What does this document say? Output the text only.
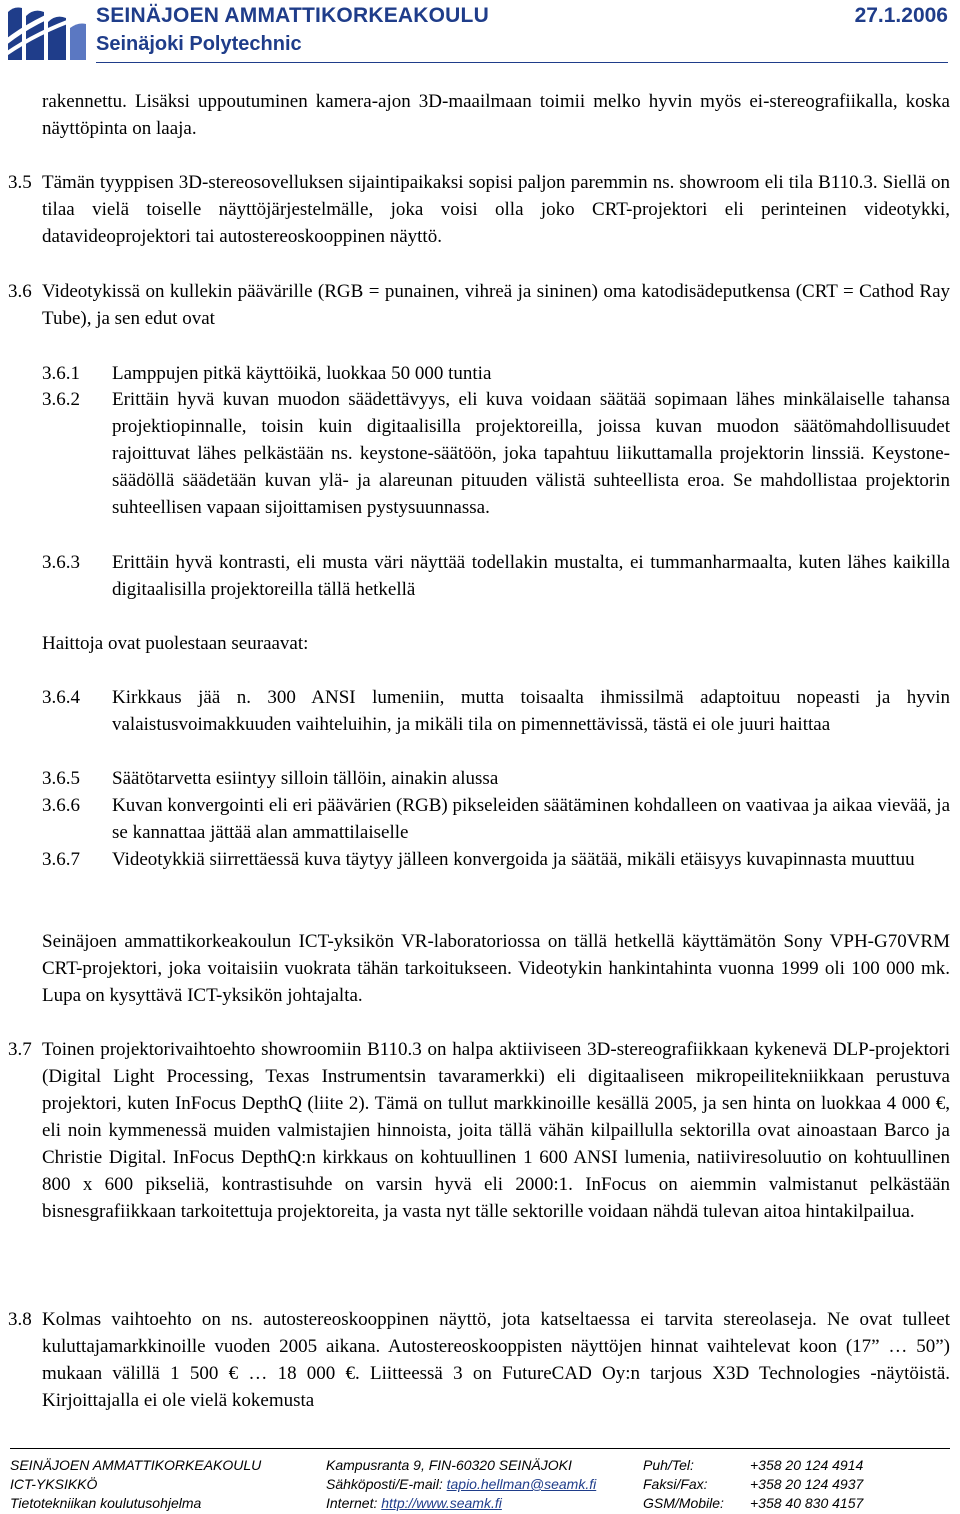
SEINÄJOEN AMMATTIKORKEAKOULU
Seinäjoki Polytechnic
27.1.2006
rakennettu. Lisäksi uppoutuminen kamera-ajon 3D-maailmaan toimii melko hyvin myös ei-stereografiikalla, koska näyttöpinta on laaja.
3.5 Tämän tyyppisen 3D-stereosovelluksen sijaintipaikaksi sopisi paljon paremmin ns. showroom eli tila B110.3. Siellä on tilaa vielä toiselle näyttöjärjestelmälle, joka voisi olla joko CRT-projektori eli perinteinen videotykki, datavideoprojektori tai autostereoskooppinen näyttö.
3.6 Videotykissä on kullekin päävärille (RGB = punainen, vihreä ja sininen) oma katodisädeputkensa (CRT = Cathod Ray Tube), ja sen edut ovat
3.6.1 Lamppujen pitkä käyttöikä, luokkaa 50 000 tuntia
3.6.2 Erittäin hyvä kuvan muodon säädettävyys, eli kuva voidaan säätää sopimaan lähes minkälaiselle tahansa projektiopinnalle, toisin kuin digitaalisilla projektoreilla, joissa kuvan muodon säätömahdollisuudet rajoittuvat lähes pelkästään ns. keystone-säätöön, joka tapahtuu liikuttamalla projektorin linssiä. Keystone-säädöllä säädetään kuvan ylä- ja alareunan pituuden välistä suhteellista eroa. Se mahdollistaa projektorin suhteellisen vapaan sijoittamisen pystysuunnassa.
3.6.3 Erittäin hyvä kontrasti, eli musta väri näyttää todellakin mustalta, ei tummanharmaalta, kuten lähes kaikilla digitaalisilla projektoreilla tällä hetkellä
Haittoja ovat puolestaan seuraavat:
3.6.4 Kirkkaus jää n. 300 ANSI lumeniin, mutta toisaalta ihmissilmä adaptoituu nopeasti ja hyvin valaistusvoimakkuuden vaihteluihin, ja mikäli tila on pimennettävissä, tästä ei ole juuri haittaa
3.6.5 Säätötarvetta esiintyy silloin tällöin, ainakin alussa
3.6.6 Kuvan konvergointi eli eri päävärien (RGB) pikseleiden säätäminen kohdalleen on vaativaa ja aikaa vievää, ja se kannattaa jättää alan ammattilaiselle
3.6.7 Videotykkiä siirrettäessä kuva täytyy jälleen konvergoida ja säätää, mikäli etäisyys kuvapinnasta muuttuu
Seinäjoen ammattikorkeakoulun ICT-yksikön VR-laboratoriossa on tällä hetkellä käyttämätön Sony VPH-G70VRM CRT-projektori, joka voitaisiin vuokrata tähän tarkoitukseen. Videotykin hankintahinta vuonna 1999 oli 100 000 mk. Lupa on kysyttävä ICT-yksikön johtajalta.
3.7 Toinen projektorivaihtoehto showroomiin B110.3 on halpa aktiiviseen 3D-stereografiikkaan kykenevä DLP-projektori (Digital Light Processing, Texas Instrumentsin tavaramerkki) eli digitaaliseen mikropeilitekniikkaan perustuva projektori, kuten InFocus DepthQ (liite 2). Tämä on tullut markkinoille kesällä 2005, ja sen hinta on luokkaa 4 000 €, eli noin kymmenessä muiden valmistajien hinnoista, joita tällä vähän kilpaillulla sektorilla ovat ainoastaan Barco ja Christie Digital. InFocus DepthQ:n kirkkaus on kohtuullinen 1 600 ANSI lumenia, natiiviresoluutio on kohtuullinen 800 x 600 pikseliä, kontrastisuhde on varsin hyvä eli 2000:1. InFocus on aiemmin valmistanut pelkästään bisnesgrafiikkaan tarkoitettuja projektoreita, ja vasta nyt tälle sektorille voidaan nähdä tulevan aitoa hintakilpailua.
3.8 Kolmas vaihtoehto on ns. autostereoskooppinen näyttö, jota katseltaessa ei tarvita stereolaseja. Ne ovat tulleet kuluttajamarkkinoille vuoden 2005 aikana. Autostereoskooppisten näyttöjen hinnat vaihtelevat koon (17” … 50”) mukaan välillä 1 500 € … 18 000 €. Liitteessä 3 on FutureCAD Oy:n tarjous X3D Technologies -näytöistä. Kirjoittajalla ei ole vielä kokemusta
SEINÄJOEN AMMATTIKORKEAKOULU
ICT-YKSIKKÖ
Tietotekniikan koulutusohjelma
Kampusranta 9, FIN-60320 SEINÄJOKI
Sähköposti/E-mail: tapio.hellman@seamk.fi
Internet: http://www.seamk.fi
Puh/Tel:
Faksi/Fax:
GSM/Mobile:
+358 20 124 4914
+358 20 124 4937
+358 40 830 4157
